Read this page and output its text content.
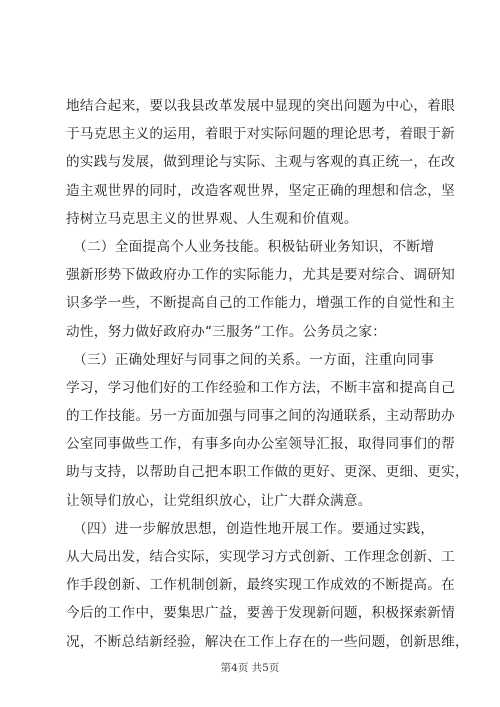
地结合起来，要以我县改革发展中显现的突出问题为中心，着眼
于马克思主义的运用，着眼于对实际问题的理论思考，着眼于新
的实践与发展，做到理论与实际、主观与客观的真正统一，在改
造主观世界的同时，改造客观世界，坚定正确的理想和信念，坚
持树立马克思主义的世界观、人生观和价值观。
　（二）全面提高个人业务技能。积极钻研业务知识，不断增
强新形势下做政府办工作的实际能力，尤其是要对综合、调研知
识多学一些，不断提高自己的工作能力，增强工作的自觉性和主
动性，努力做好政府办“三服务”工作。公务员之家：
　（三）正确处理好与同事之间的关系。一方面，注重向同事
学习，学习他们好的工作经验和工作方法，不断丰富和提高自己
的工作技能。另一方面加强与同事之间的沟通联系，主动帮助办
公室同事做些工作，有事多向办公室领导汇报，取得同事们的帮
助与支持，以帮助自己把本职工作做的更好、更深、更细、更实，
让领导们放心，让党组织放心，让广大群众满意。
　（四）进一步解放思想，创造性地开展工作。要通过实践，
从大局出发，结合实际，实现学习方式创新、工作理念创新、工
作手段创新、工作机制创新，最终实现工作成效的不断提高。在
今后的工作中，要集思广益，要善于发现新问题，积极探索新情
况，不断总结新经验，解决在工作上存在的一些问题，创新思维，
第4页 共5页
